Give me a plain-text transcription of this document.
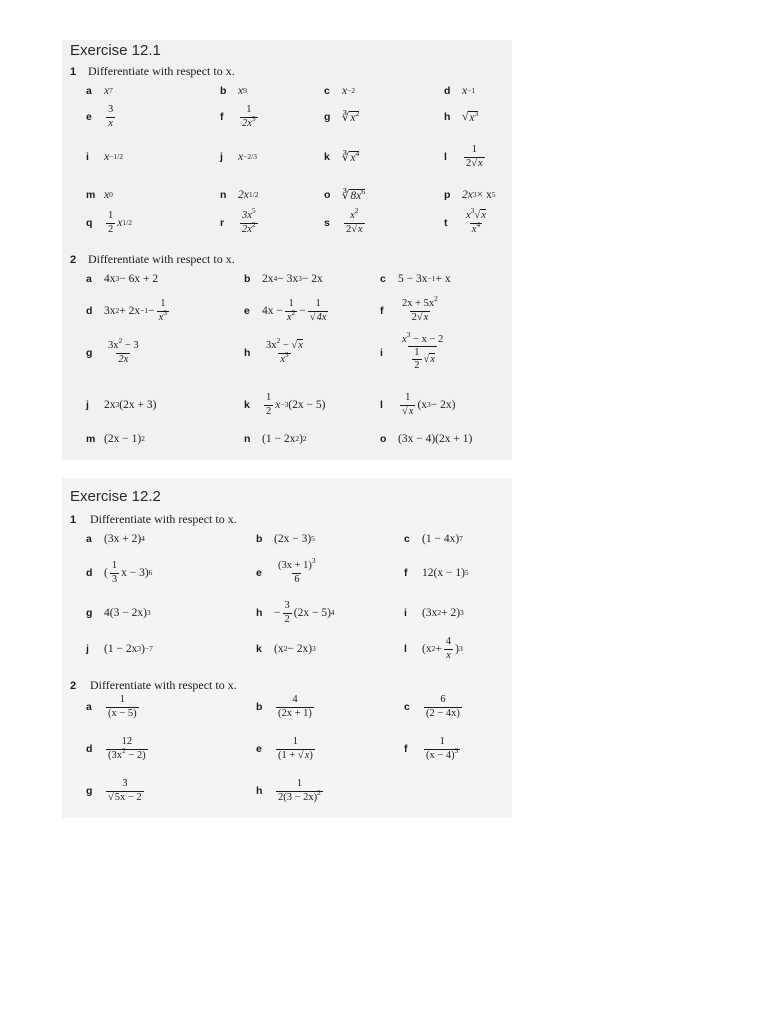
Exercise 12.1
1 Differentiate with respect to x.
a	x 7	b	x 9	c	x −2	d	x −1
e	$\frac{3}{x}$	f	$\frac{1}{2x^5}$	g	∛ $x^2$	h	√ $x^3$
i	x −1/2	j	x −2/3	k	∛ $x^4$	l	$\frac{1}{2√x}$
m x 0	n	2x 1/2	o	∛ $8x^6$	p	2x 3 × x 5
q	$\frac{1}{2}$ x 1/2	r	$\frac{3x^5}{2x^2}$	s	$\frac{x^2}{2√x}$	t	$\frac{x^3√x}{x^4}$
2 Differentiate with respect to x.
a	4x 3 − 6x + 2	b	2x 4 − 3x 3 − 2x	c	5 − 3x −1 + x
d	3x $2 + 2x -1 - \frac{1}{x^3}$	e	$4x - \frac{1}{x^2} - \frac{1}{√4x}$	f	$\frac{2x + 5x^2}{2√x}$
g	$\frac{3x^2 - 3}{2x}$	h	$\frac{3x^2 - √x}{x^3}$	i	$\frac{x^3 - x - 2}{\frac{1}{2} √x}$
j	2x 3 (2x + 3)	k	$\frac{1}{2}$ x −3 (2x − 5)	l	$\frac{1}{√x} (x$ 3 − 2x)
m (2x − 1) 2	n	(1 − 2x 2 ) 2	o	(3x − 4)(2x + 1)
Exercise 12.2
1 Differentiate with respect to x.
a	(3x + 2) 4	b	(2x − 3) 5	c	(1 − 4x) 7
d	( $\frac{1}{3}$ x − 3) 6	e	$\frac{(3x + 1)^3}{6}$	f	12(x − 1) 5
g	4(3 − 2x) 3	h	− $\frac{3}{2} (2x - 5)$ 4	i	(3x 2 + 2) 3
j	(1 − 2x 3 ) −7	k	(x 2 − 2x) 3	l	(x $2 + \frac{4}{x}$ ) 3
2 Differentiate with respect to x.
a	$\frac{1}{(x - 5)}$	b	$\frac{4}{(2x + 1)}$	c	$\frac{6}{(2 - 4x)}$
d	$\frac{12}{(3x^2 - 2)}$	e	$\frac{1}{(1 + √x)}$	f	$\frac{1}{(x - 4)^3}$
g	$\frac{3}{√5x - 2}$	h	$\frac{1}{2(3 - 2x)^2}$
